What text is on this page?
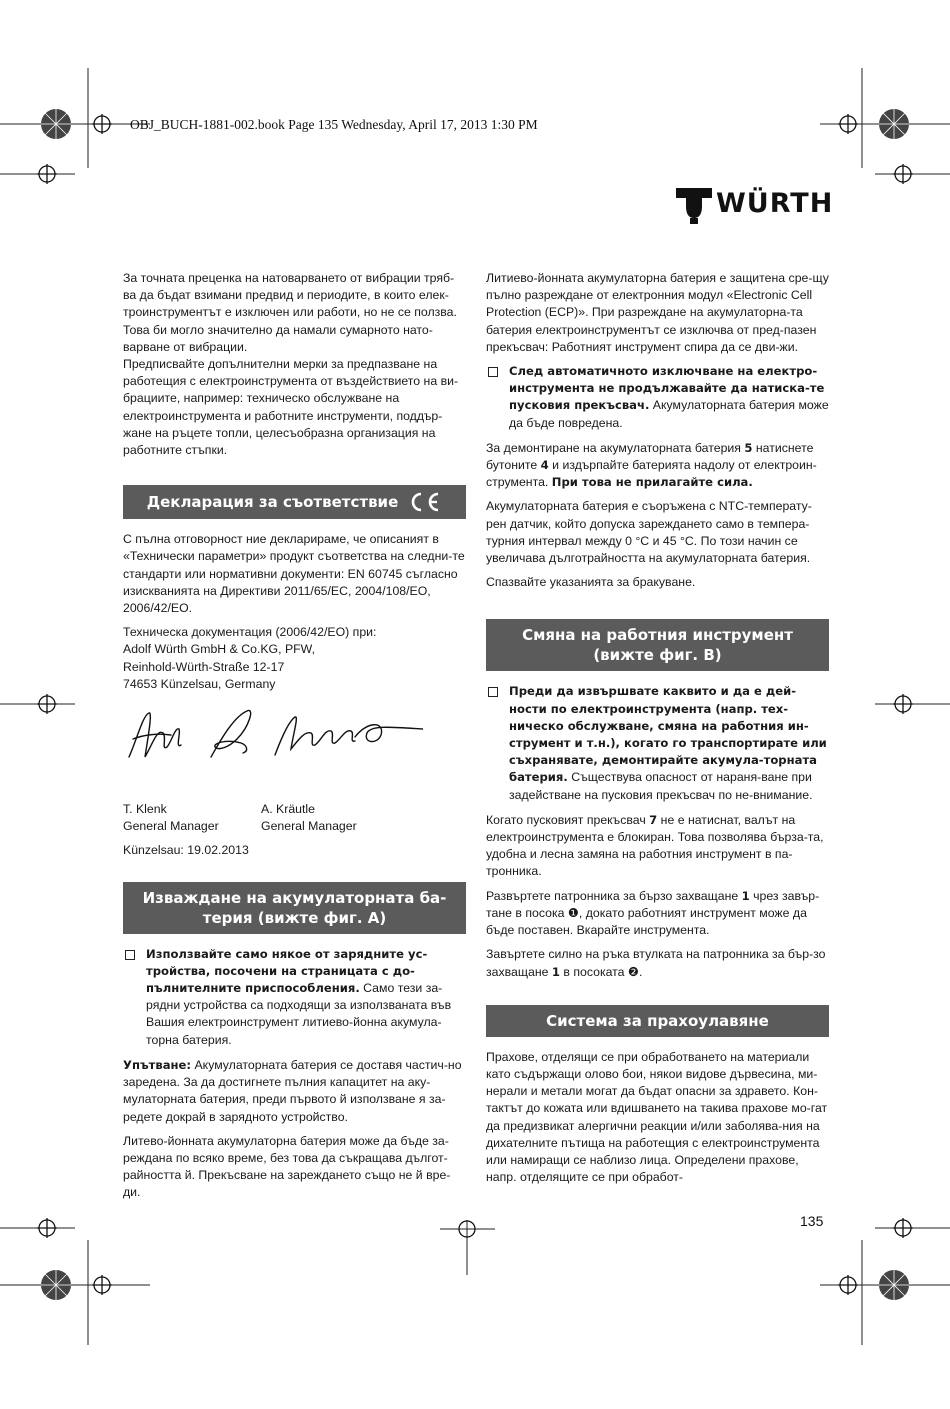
OBJ_BUCH-1881-002.book Page 135 Wednesday, April 17, 2013 1:30 PM
WÜRTH

За точната преценка на натоварването от вибрации тряб-ва да бъдат взимани предвид и периодите, в които елек-троинструментът е изключен или работи, но не се ползва. Това би могло значително да намали сумарното нато-варване от вибрации.

Предписвайте допълнителни мерки за предпазване на работещия с електроинструмента от въздействието на ви-брациите, например: техническо обслужване на електроинструмента и работните инструменти, поддър-жане на ръцете топли, целесъобразна организация на работните стъпки.

Декларация за съответствие

С пълна отговорност ние декларираме, че описаният в «Технически параметри» продукт съответства на следни-те стандарти или нормативни документи: EN 60745 съгласно изискванията на Директиви 2011/65/EC, 2004/108/EO, 2006/42/EO.

Техническа документация (2006/42/EO) при:
Adolf Würth GmbH & Co.KG, PFW,
Reinhold-Würth-Straße 12-17
74653 Künzelsau, Germany
T. Klenk
General Manager
A. Kräutle
General Manager

Künzelsau: 19.02.2013

Изваждане на акумулаторната ба-
терия (вижте фиг. A)
Използвайте само някое от зарядните ус-тройства, посочени на страницата с до-пълнителните приспособления. Само тези за-рядни устройства са подходящи за използваната във Вашия електроинструмент литиево-йонна акумула-торна батерия.

Упътване: Акумулаторната батерия се доставя частич-но заредена. За да достигнете пълния капацитет на аку-мулаторната батерия, преди първото й използване я за-редете докрай в зарядното устройство.

Литево-йонната акумулаторна батерия може да бъде за-реждана по всяко време, без това да съкращава дългот-райността й. Прекъсване на зареждането също не й вре-ди.

Литиево-йонната акумулаторна батерия е защитена сре-щу пълно разреждане от електронния модул «Electronic Cell Protection (ECP)». При разреждане на акумулаторна-та батерия електроинструментът се изключва от пред-пазен прекъсвач: Работният инструмент спира да се дви-жи.

След автоматичното изключване на електро-инструмента не продължавайте да натиска-те пусковия прекъсвач. Акумулаторната батерия може да бъде повредена.

За демонтиране на акумулаторната батерия 5 натиснете бутоните 4 и издърпайте батерията надолу от електроин-струмента. При това не прилагайте сила.

Акумулаторната батерия е съоръжена с NTC-температу-рен датчик, който допуска зареждането само в темпера-турния интервал между 0 °C и 45 °C. По този начин се увеличава дълготрайността на акумулаторната батерия.

Спазвайте указанията за бракуване.

Смяна на работния инструмент
(вижте фиг. B)
Преди да извършвате каквито и да е дей-ности по електроинструмента (напр. тех-ническо обслужване, смяна на работния ин-струмент и т.н.), когато го транспортирате или съхранявате, демонтирайте акумула-торната батерия. Съществува опасност от нараня-ване при задействане на пусковия прекъсвач по не-внимание.

Когато пусковият прекъсвач 7 не е натиснат, валът на електроинструмента е блокиран. Това позволява бърза-та, удобна и лесна замяна на работния инструмент в па-тронника.

Развъртете патронника за бързо захващане 1 чрез завър-тане в посока ❶, докато работният инструмент може да бъде поставен. Вкарайте инструмента.

Завъртете силно на ръка втулката на патронника за бър-зо захващане 1 в посоката ❷.

Система за прахоулавяне

Прахове, отделящи се при обработването на материали като съдържащи олово бои, някои видове дървесина, ми-нерали и метали могат да бъдат опасни за здравето. Кон-тактът до кожата или вдишването на такива прахове мо-гат да предизвикат алергични реакции и/или заболява-ния на дихателните пътища на работещия с електроинструмента или намиращи се наблизо лица. Определени прахове, напр. отделящите се при обработ-

135
